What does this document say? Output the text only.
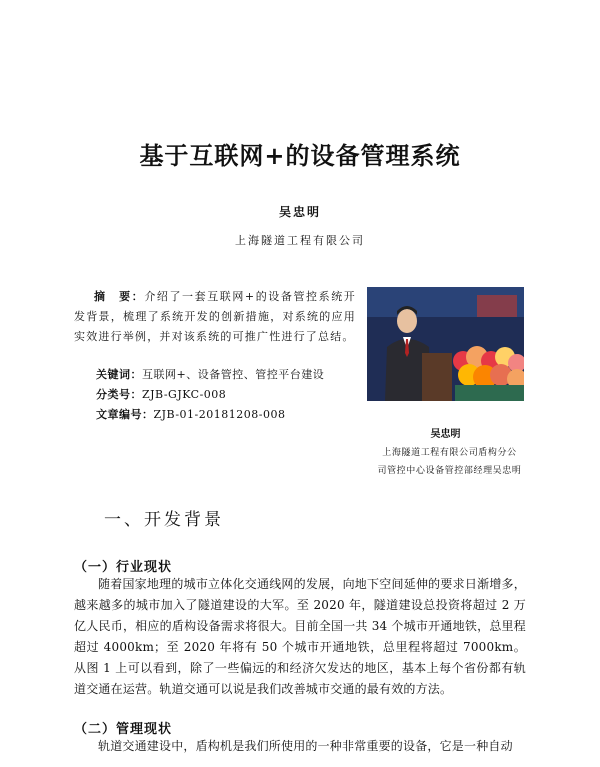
基于互联网+的设备管理系统
吴忠明
上海隧道工程有限公司
摘　要：介绍了一套互联网+的设备管控系统开发背景，梳理了系统开发的创新措施，对系统的应用实效进行举例，并对该系统的可推广性进行了总结。
关键词：互联网+、设备管控、管控平台建设
分类号：ZJB-GJKC-008
文章编号：ZJB-01-20181208-008
吴忠明
上海隧道工程有限公司盾构分公
司管控中心设备管控部经理吴忠明
一、开发背景
（一）行业现状
随着国家地理的城市立体化交通线网的发展，向地下空间延伸的要求日渐增多，越来越多的城市加入了隧道建设的大军。至 2020 年，隧道建设总投资将超过 2 万亿人民币，相应的盾构设备需求将很大。目前全国一共 34 个城市开通地铁，总里程超过 4000km；至 2020 年将有 50 个城市开通地铁，总里程将超过 7000km。从图 1 上可以看到，除了一些偏远的和经济欠发达的地区，基本上每个省份都有轨道交通在运营。轨道交通可以说是我们改善城市交通的最有效的方法。
（二）管理现状
轨道交通建设中，盾构机是我们所使用的一种非常重要的设备，它是一种自动
